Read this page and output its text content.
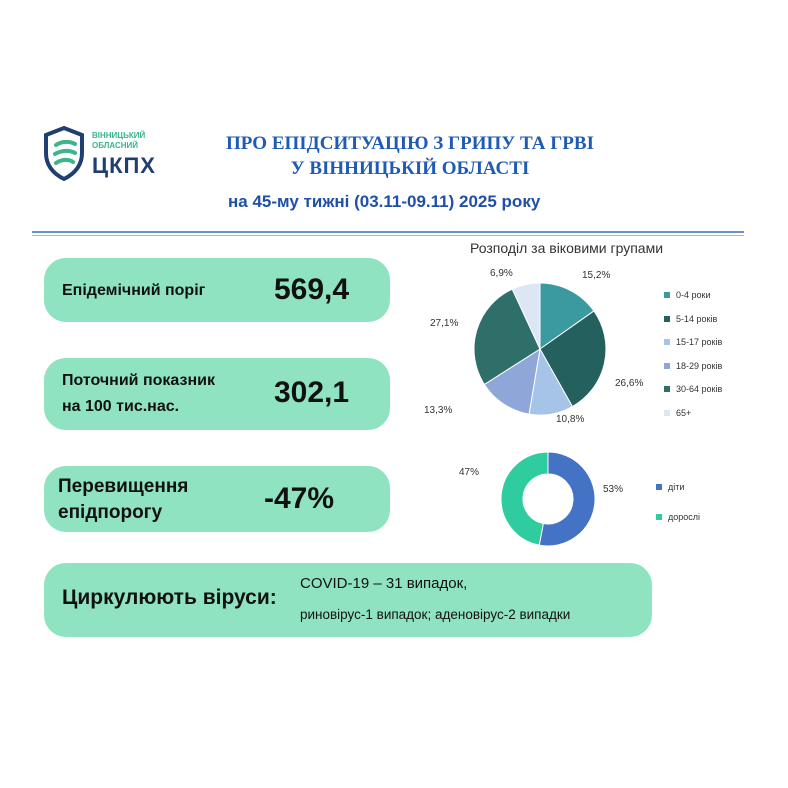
ВІННИЦЬКИЙ
ОБЛАСНИЙ
ЦКПХ
ПРО ЕПІДСИТУАЦІЮ З ГРИПУ ТА ГРВІ
У ВІННИЦЬКІЙ ОБЛАСТІ
на 45-му тижні (03.11-09.11) 2025 року
Епідемічний поріг 569,4
Поточний показник
на 100 тис.нас.	302,1
Перевищення
епідпорогу	-47%
Циркулюють віруси:
COVID-19 – 31 випадок,
риновірус-1 випадок; аденовірус-2 випадки
Розподіл за віковими групами
15,2%
26,6%
10,8%
13,3%
27,1%
6,9%
0-4 роки
5-14 років
15-17 років
18-29 років
30-64 років
65+
53%
47%
діти
дорослі
